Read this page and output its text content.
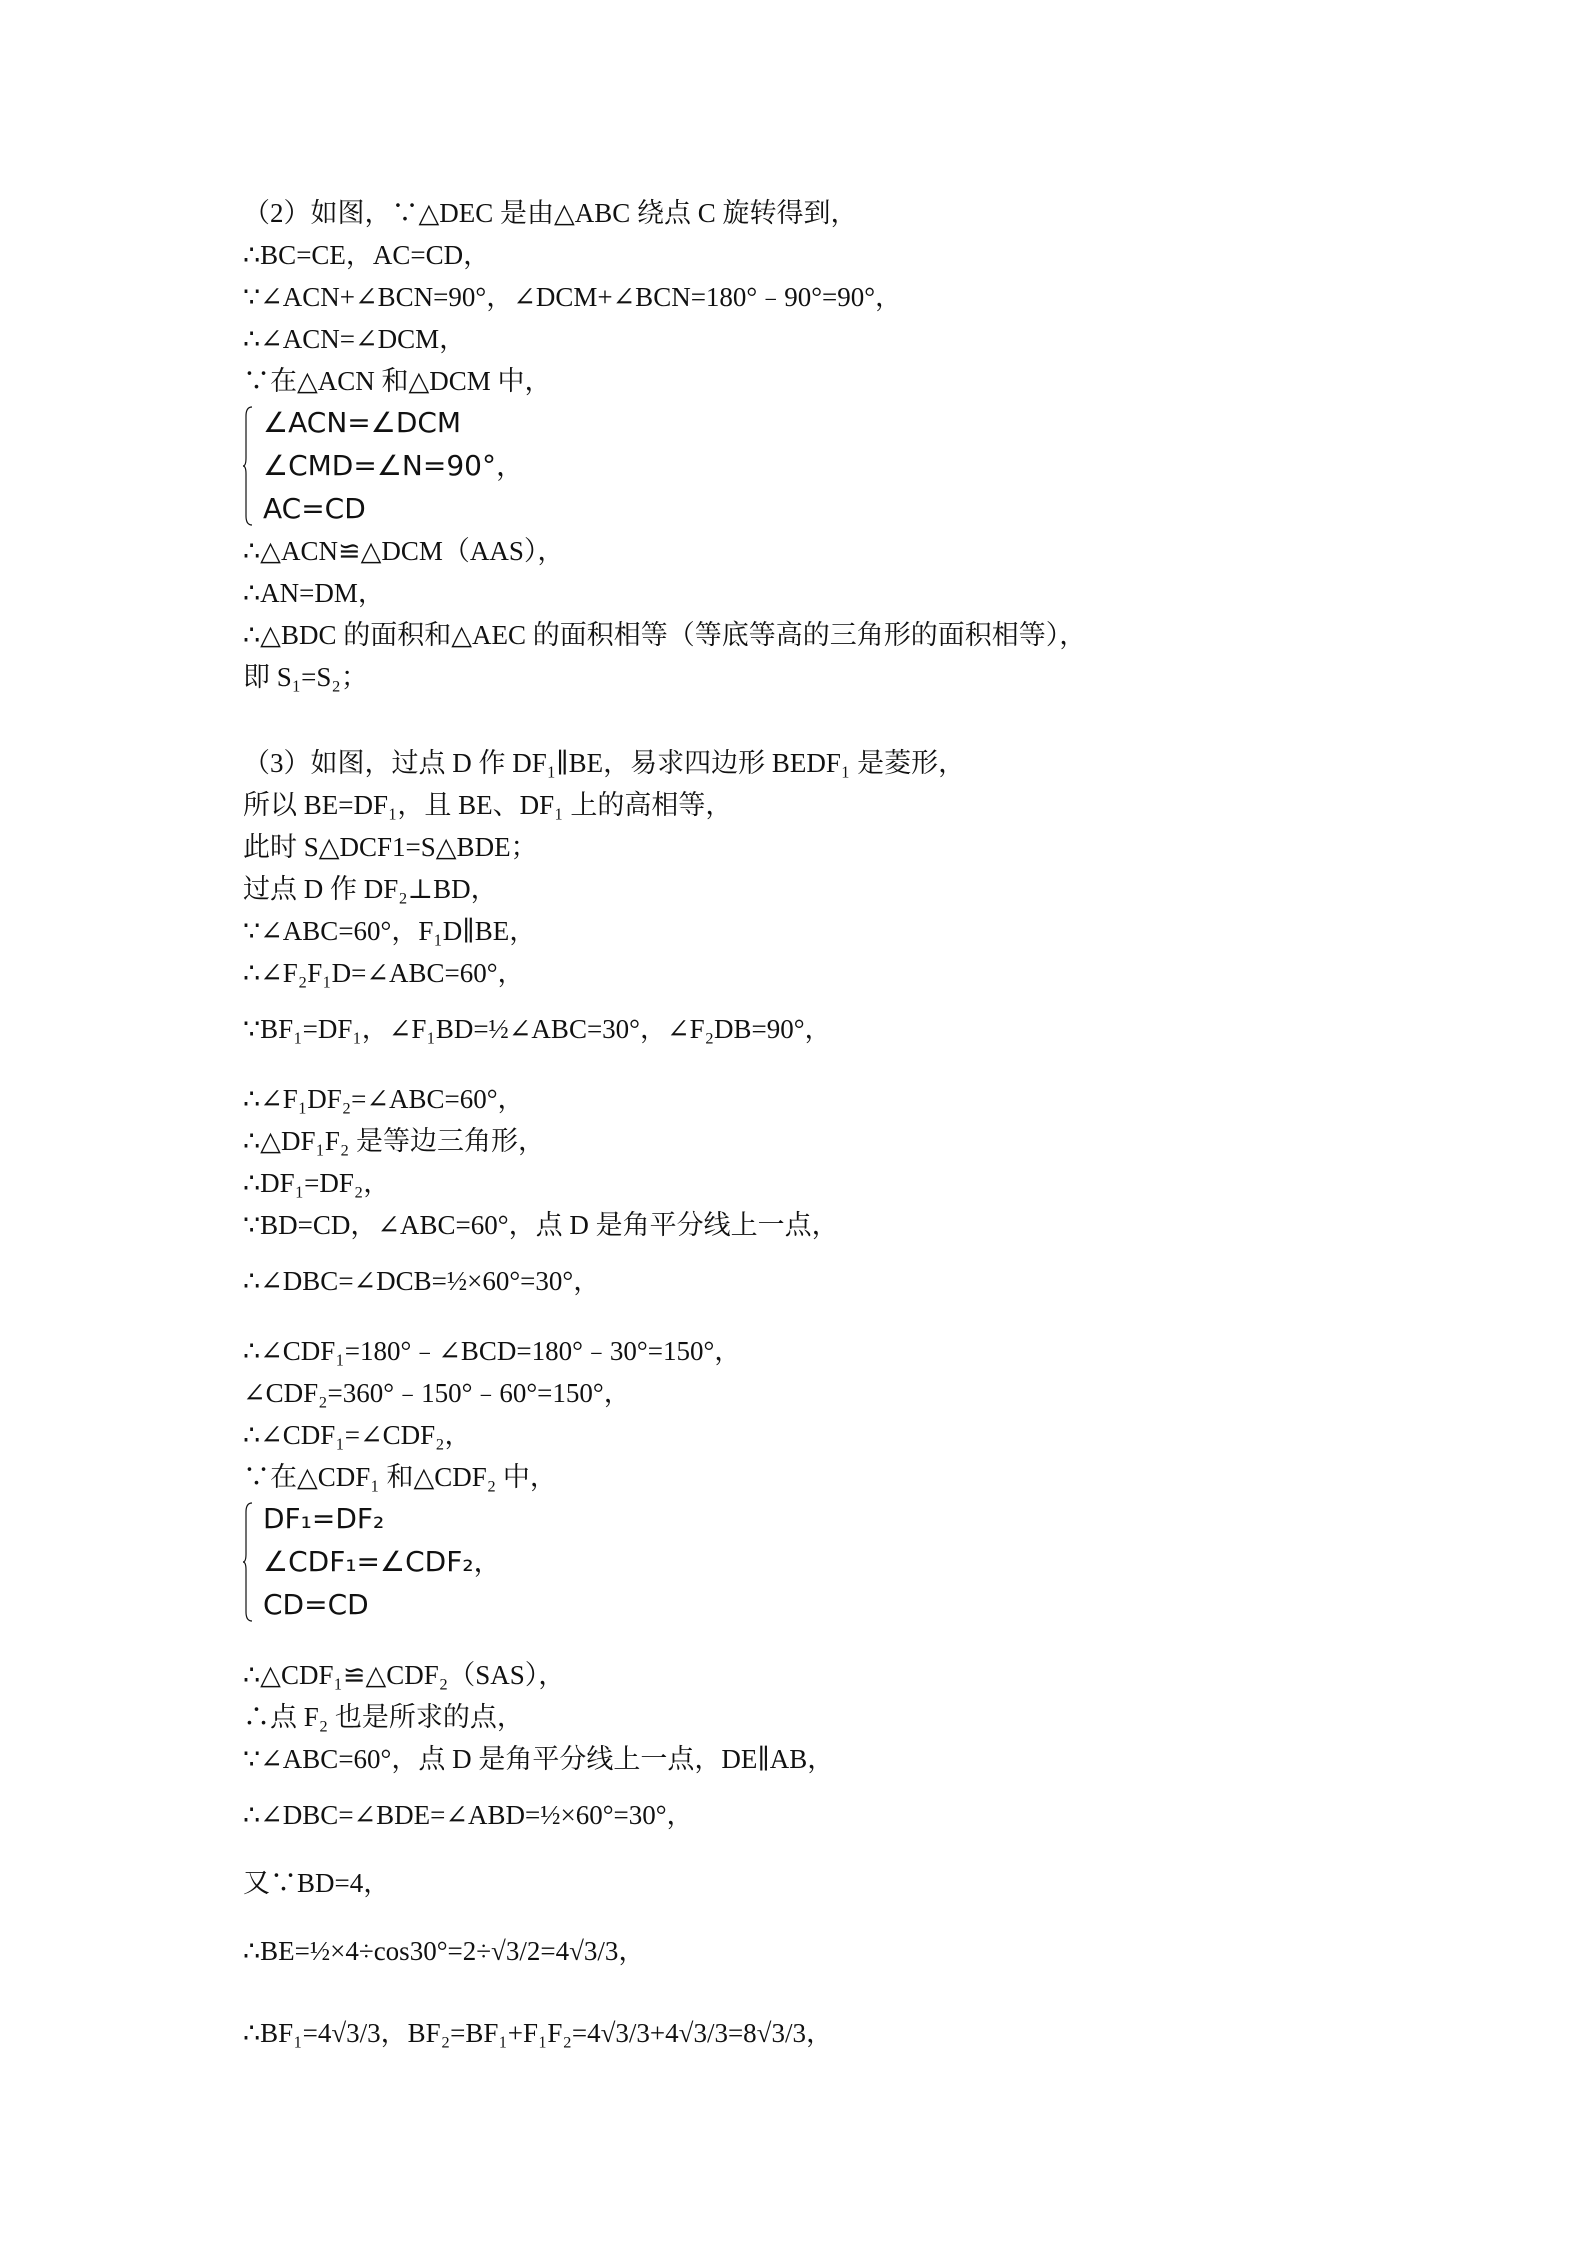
（2）如图，∵△DEC 是由△ABC 绕点 C 旋转得到，
∴BC=CE，AC=CD，
∵∠ACN+∠BCN=90°，∠DCM+∠BCN=180°﹣90°=90°，
∴∠ACN=∠DCM，
∵在△ACN 和△DCM 中，
∠ACN=∠DCM
∠CMD=∠N=90°，
AC=CD
∴△ACN≌△DCM（AAS），
∴AN=DM，
∴△BDC 的面积和△AEC 的面积相等（等底等高的三角形的面积相等），
即 S₁=S₂；
（3）如图，过点 D 作 DF₁∥BE，易求四边形 BEDF₁ 是菱形，
所以 BE=DF₁，且 BE、DF₁ 上的高相等，
此时 S△DCF1=S△BDE；
过点 D 作 DF₂⊥BD，
∵∠ABC=60°，F₁D∥BE，
∴∠F₂F₁D=∠ABC=60°，
∵BF₁=DF₁，∠F₁BD=½∠ABC=30°，∠F₂DB=90°，
∴∠F₁DF₂=∠ABC=60°，
∴△DF₁F₂ 是等边三角形，
∴DF₁=DF₂，
∵BD=CD，∠ABC=60°，点 D 是角平分线上一点，
∴∠DBC=∠DCB=½×60°=30°，
∴∠CDF₁=180°﹣∠BCD=180°﹣30°=150°，
∠CDF₂=360°﹣150°﹣60°=150°，
∴∠CDF₁=∠CDF₂，
∵在△CDF₁ 和△CDF₂ 中，
DF₁=DF₂
∠CDF₁=∠CDF₂，
CD=CD
∴△CDF₁≌△CDF₂（SAS），
∴点 F₂ 也是所求的点，
∵∠ABC=60°，点 D 是角平分线上一点，DE∥AB，
∴∠DBC=∠BDE=∠ABD=½×60°=30°，
又∵BD=4，
∴BE=½×4÷cos30°=2÷√3/2=4√3/3，
∴BF₁=4√3/3，BF₂=BF₁+F₁F₂=4√3/3+4√3/3=8√3/3，
